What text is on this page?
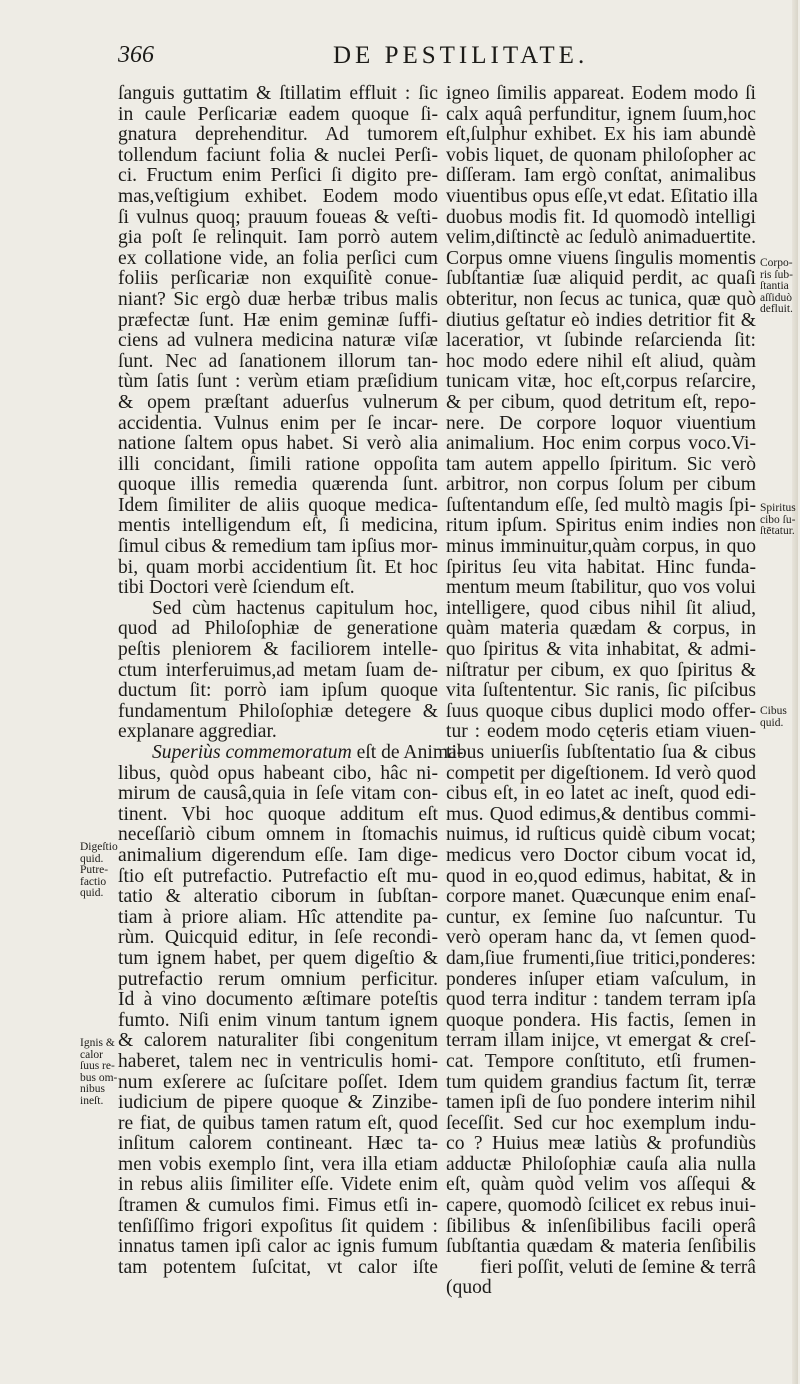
366	DE PESTILITATE.
ſanguis guttatim & ſtillatim effluit : ſic
in caule Perſicariæ eadem quoque ſi-
gnatura deprehenditur. Ad tumorem
tollendum faciunt folia & nuclei Perſi-
ci. Fructum enim Perſici ſi digito pre-
mas,veſtigium exhibet. Eodem modo
ſi vulnus quoq; prauum foueas & veſti-
gia poſt ſe relinquit. Iam porrò autem
ex collatione vide, an folia perſici cum
foliis perſicariæ non exquiſitè conue-
niant? Sic ergò duæ herbæ tribus malis
præfectæ ſunt. Hæ enim geminæ ſuffi-
ciens ad vulnera medicina naturæ viſæ
ſunt. Nec ad ſanationem illorum tan-
tùm ſatis ſunt : verùm etiam præſidium
& opem præſtant aduerſus vulnerum
accidentia. Vulnus enim per ſe incar-
natione ſaltem opus habet. Si verò alia
illi concidant, ſimili ratione oppoſita
quoque illis remedia quærenda ſunt.
Idem ſimiliter de aliis quoque medica-
mentis intelligendum eſt, ſi medicina,
ſimul cibus & remedium tam ipſius mor-
bi, quam morbi accidentium ſit. Et hoc
tibi Doctori verè ſciendum eſt.
Sed cùm hactenus capitulum hoc,
quod ad Philoſophiæ de generatione
peſtis pleniorem & faciliorem intelle-
ctum interferuimus,ad metam ſuam de-
ductum ſit: porrò iam ipſum quoque
fundamentum Philoſophiæ detegere &
explanare aggrediar.
Superiùs commemoratum eſt de Anima-
libus, quòd opus habeant cibo, hâc ni-
mirum de causâ,quia in ſeſe vitam con-
tinent. Vbi hoc quoque additum eſt
neceſſariò cibum omnem in ſtomachis
animalium digerendum eſſe. Iam dige-
ſtio eſt putrefactio. Putrefactio eſt mu-
tatio & alteratio ciborum in ſubſtan-
tiam à priore aliam. Hîc attendite pa-
rùm. Quicquid editur, in ſeſe recondi-
tum ignem habet, per quem digeſtio &
putrefactio rerum omnium perficitur.
Id à vino documento æſtimare poteſtis
fumto. Niſi enim vinum tantum ignem
& calorem naturaliter ſibi congenitum
haberet, talem nec in ventriculis homi-
num exſerere ac ſuſcitare poſſet. Idem
iudicium de pipere quoque & Zinzibe-
re fiat, de quibus tamen ratum eſt, quod
inſitum calorem contineant. Hæc ta-
men vobis exemplo ſint, vera illa etiam
in rebus aliis ſimiliter eſſe. Videte enim
ſtramen & cumulos fimi. Fimus etſi in-
tenſiſſimo frigori expoſitus ſit quidem :
innatus tamen ipſi calor ac ignis fumum
tam potentem ſuſcitat, vt calor iſte
igneo ſimilis appareat. Eodem modo ſi
calx aquâ perfunditur, ignem ſuum,hoc
eſt,ſulphur exhibet. Ex his iam abundè
vobis liquet, de quonam philoſopher ac
diſſeram. Iam ergò conſtat, animalibus
viuentibus opus eſſe,vt edat. Eſitatio illa
duobus modis fit. Id quomodò intelligi
velim,diſtinctè ac ſedulò animaduertite.
Corpus omne viuens ſingulis momentis
ſubſtantiæ ſuæ aliquid perdit, ac quaſi
obteritur, non ſecus ac tunica, quæ quò
diutius geſtatur eò indies detritior fit &
laceratior, vt ſubinde reſarcienda ſit:
hoc modo edere nihil eſt aliud, quàm
tunicam vitæ, hoc eſt,corpus reſarcire,
& per cibum, quod detritum eſt, repo-
nere. De corpore loquor viuentium
animalium. Hoc enim corpus voco.Vi-
tam autem appello ſpiritum. Sic verò
arbitror, non corpus ſolum per cibum
ſuſtentandum eſſe, ſed multò magis ſpi-
ritum ipſum. Spiritus enim indies non
minus imminuitur,quàm corpus, in quo
ſpiritus ſeu vita habitat. Hinc funda-
mentum meum ſtabilitur, quo vos volui
intelligere, quod cibus nihil ſit aliud,
quàm materia quædam & corpus, in
quo ſpiritus & vita inhabitat, & admi-
niſtratur per cibum, ex quo ſpiritus &
vita ſuſtententur. Sic ranis, ſic piſcibus
ſuus quoque cibus duplici modo offer-
tur : eodem modo cęteris etiam viuen-
tibus uniuerſis ſubſtentatio ſua & cibus
competit per digeſtionem. Id verò quod
cibus eſt, in eo latet ac ineſt, quod edi-
mus. Quod edimus,& dentibus commi-
nuimus, id ruſticus quidè cibum vocat;
medicus vero Doctor cibum vocat id,
quod in eo,quod edimus, habitat, & in
corpore manet. Quæcunque enim enaſ-
cuntur, ex ſemine ſuo naſcuntur. Tu
verò operam hanc da, vt ſemen quod-
dam,ſiue frumenti,ſiue tritici,ponderes:
ponderes inſuper etiam vaſculum, in
quod terra inditur : tandem terram ipſa
quoque pondera. His factis, ſemen in
terram illam inijce, vt emergat & creſ-
cat. Tempore conſtituto, etſi frumen-
tum quidem grandius factum ſit, terræ
tamen ipſi de ſuo pondere interim nihil
ſeceſſit. Sed cur hoc exemplum indu-
co ? Huius meæ latiùs & profundiùs
adductæ Philoſophiæ cauſa alia nulla
eſt, quàm quòd velim vos aſſequi &
capere, quomodò ſcilicet ex rebus inui-
ſibilibus & inſenſibilibus facili operâ
ſubſtantia quædam & materia ſenſibilis
fieri poſſit, veluti de ſemine & terrâ
(quod
Digeſtio
quid.
Putre-
factio
quid.
Ignis &
calor
ſuus re-
bus om-
nibus
ineſt.
Corpo-
ris ſub-
ſtantia
aſſiduò
defluit.
Spiritus
cibo ſu-
ſtētatur.
Cibus
quid.
